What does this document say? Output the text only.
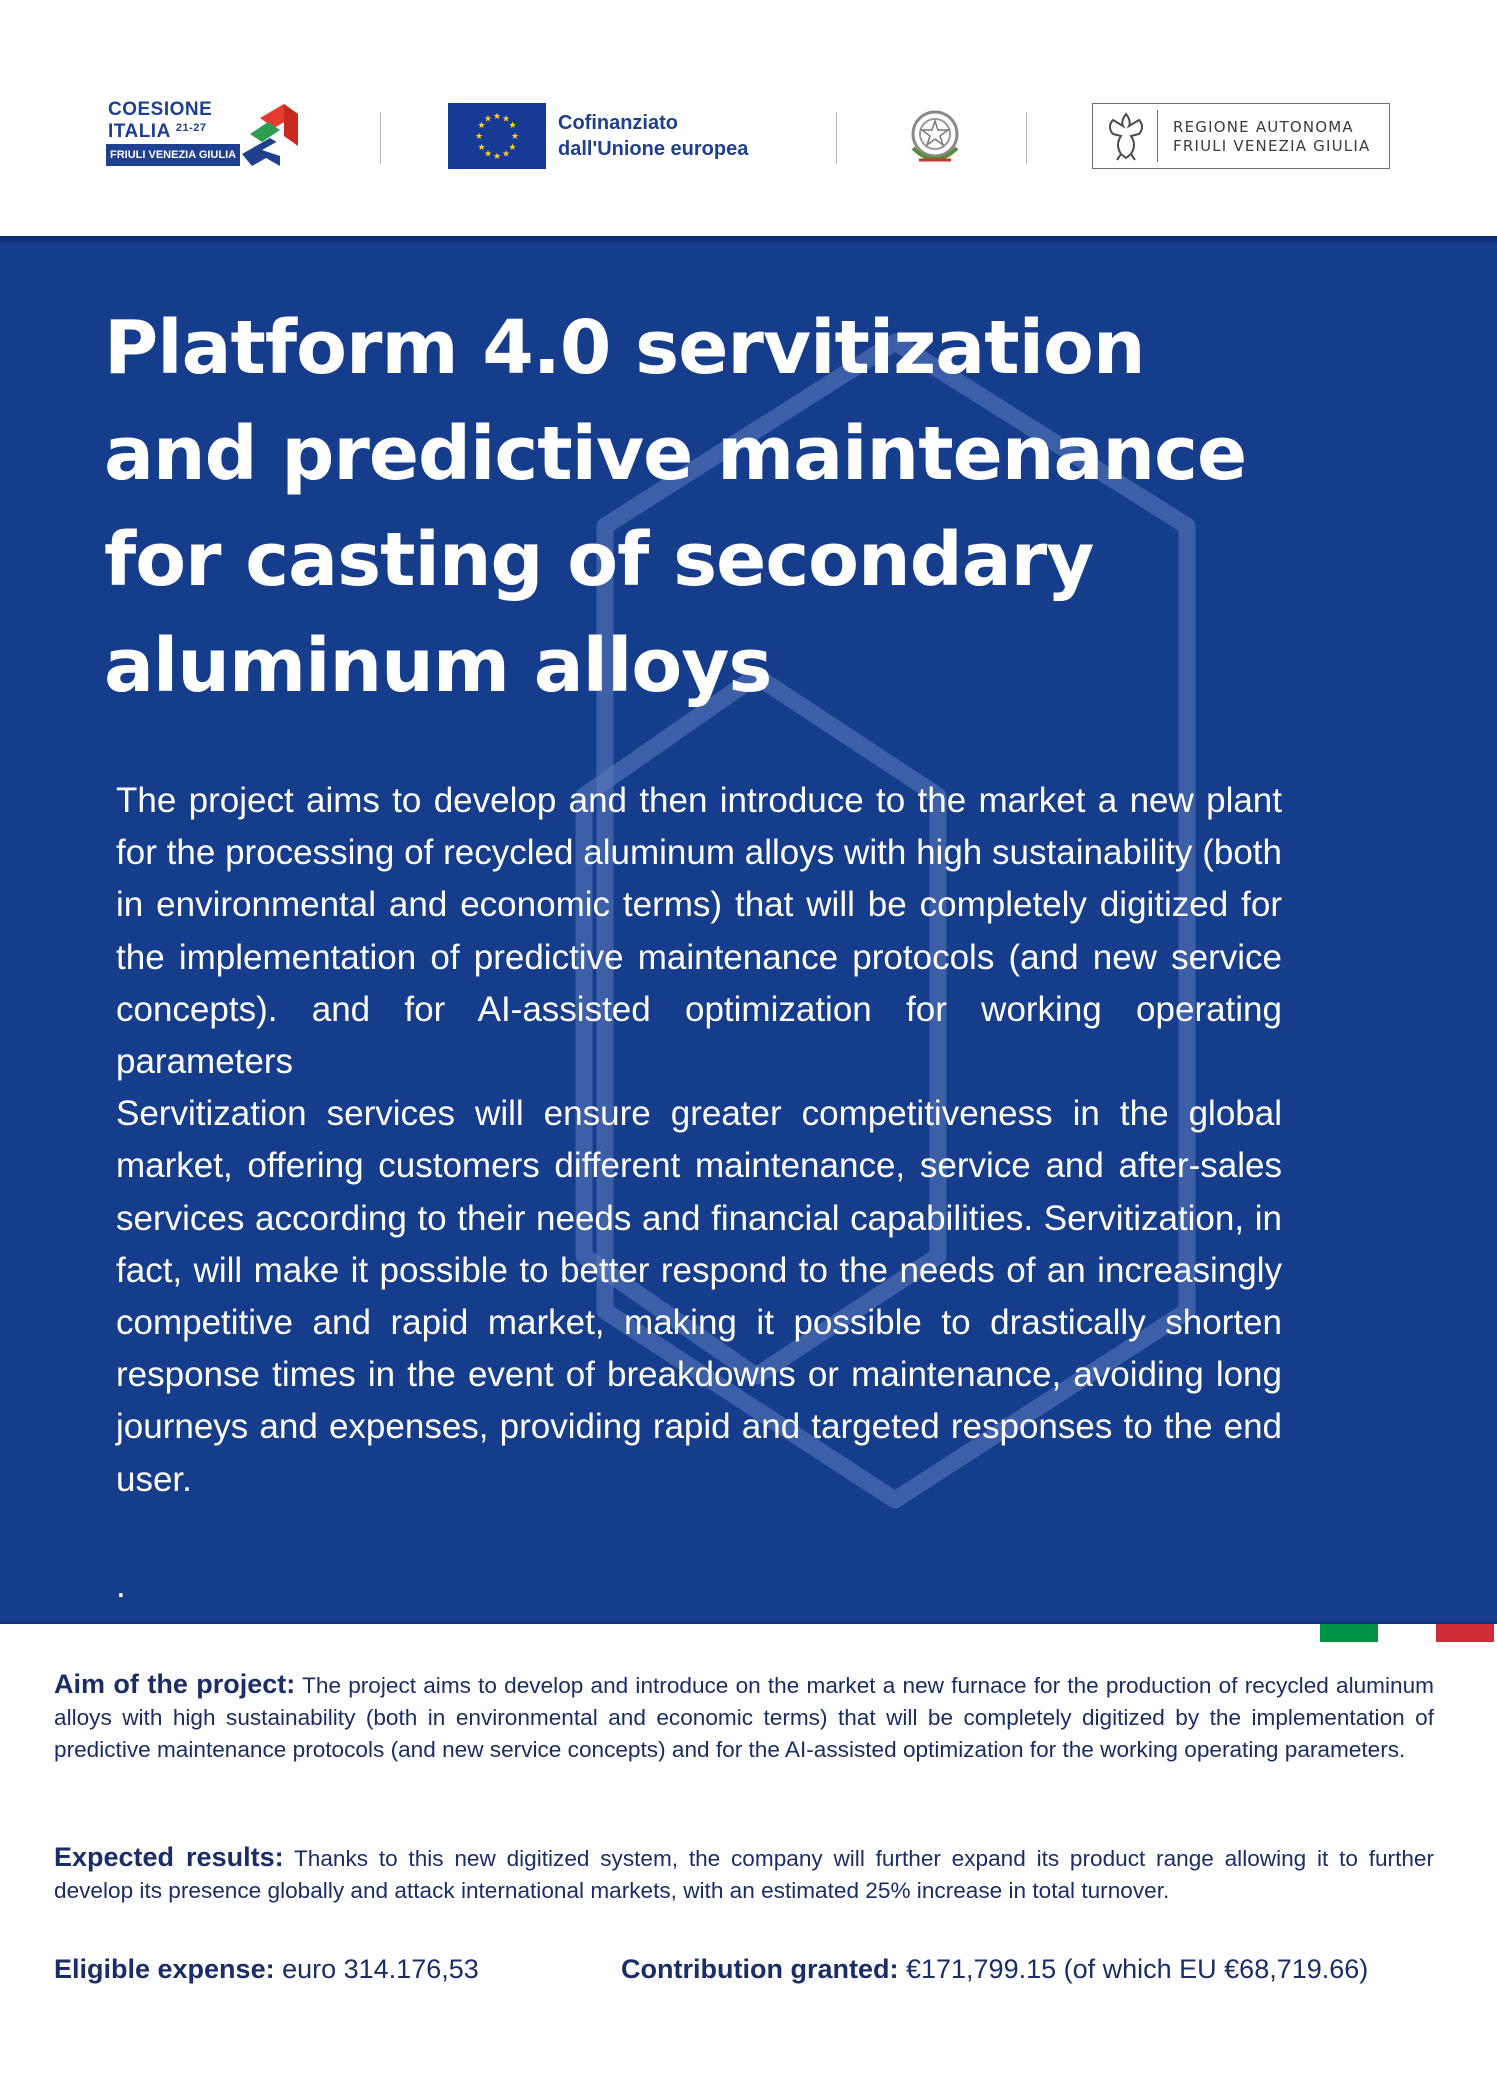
COESIONE
ITALIA $^{21-27}$
FRIULI VENEZIA GIULIA
★ ★
★
★
★
★
★
★
★
★
★
★	Cofinanziato
dall'Unione europea
REGIONE AUTONOMA
FRIULI VENEZIA GIULIA
Platform 4.0 servitization and predictive maintenance for casting of secondary aluminum alloys

The project aims to develop and then introduce to the market a new plant for the processing of recycled aluminum alloys with high sustainability (both in environmental and economic terms) that will be completely digitized for the implementation of predictive maintenance protocols (and new service concepts). and for AI-assisted optimization for working operating parameters

Servitization services will ensure greater competitiveness in the global market, offering customers different maintenance, service and after-sales services according to their needs and financial capabilities. Servitization, in fact, will make it possible to better respond to the needs of an increasingly competitive and rapid market, making it possible to drastically shorten response times in the event of breakdowns or maintenance, avoiding long journeys and expenses, providing rapid and targeted responses to the end user.

.
Aim of the project: The project aims to develop and introduce on the market a new furnace for the production of recycled aluminum alloys with high sustainability (both in environmental and economic terms) that will be completely digitized by the implementation of predictive maintenance protocols (and new service concepts) and for the AI-assisted optimization for the working operating parameters.
Expected results: Thanks to this new digitized system, the company will further expand its product range allowing it to further develop its presence globally and attack international markets, with an estimated 25% increase in total turnover.
Eligible expense: euro 314.176,53	Contribution granted: €171,799.15 (of which EU €68,719.66)
